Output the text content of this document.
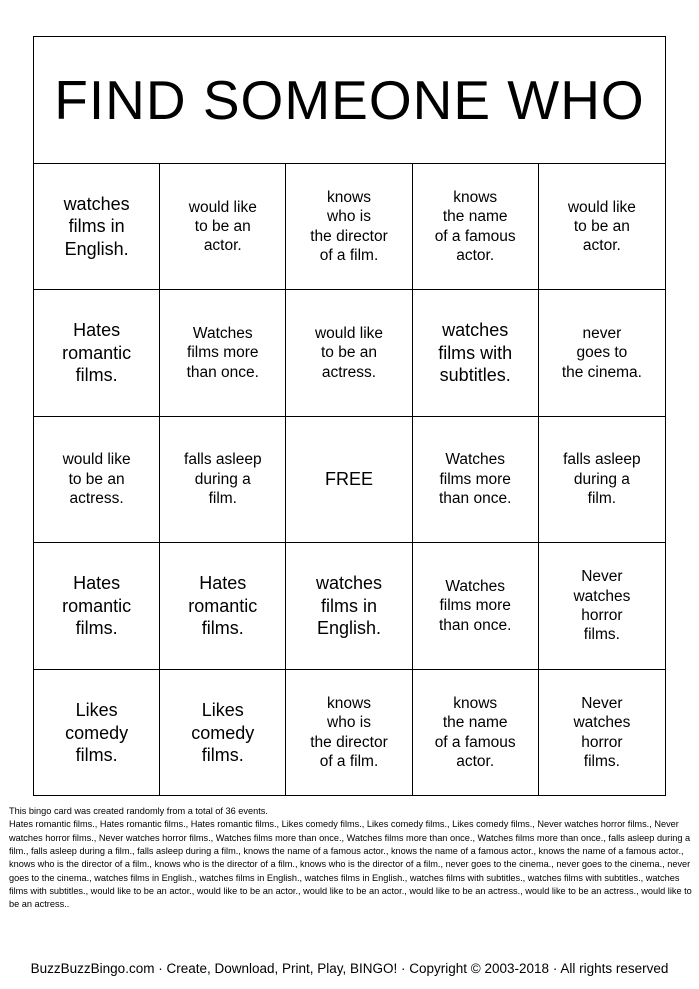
FIND SOMEONE WHO
watches
films in
English.
would like
to be an
actor.
knows
who is
the director
of a film.
knows
the name
of a famous
actor.
would like
to be an
actor.
Hates
romantic
films.
Watches
films more
than once.
would like
to be an
actress.
watches
films with
subtitles.
never
goes to
the cinema.
would like
to be an
actress.
falls asleep
during a
film.
FREE
Watches
films more
than once.
falls asleep
during a
film.
Hates
romantic
films.
Hates
romantic
films.
watches
films in
English.
Watches
films more
than once.
Never
watches
horror
films.
Likes
comedy
films.
Likes
comedy
films.
knows
who is
the director
of a film.
knows
the name
of a famous
actor.
Never
watches
horror
films.
This bingo card was created randomly from a total of 36 events.
Hates romantic films., Hates romantic films., Hates romantic films., Likes comedy films., Likes comedy films., Likes comedy films., Never watches horror films., Never watches horror films., Never watches horror films., Watches films more than once., Watches films more than once., Watches films more than once., falls asleep during a film., falls asleep during a film., falls asleep during a film., knows the name of a famous actor., knows the name of a famous actor., knows the name of a famous actor., knows who is the director of a film., knows who is the director of a film., knows who is the director of a film., never goes to the cinema., never goes to the cinema., never goes to the cinema., watches films in English., watches films in English., watches films in English., watches films with subtitles., watches films with subtitles., watches films with subtitles., would like to be an actor., would like to be an actor., would like to be an actor., would like to be an actress., would like to be an actress., would like to be an actress..
BuzzBuzzBingo.com · Create, Download, Print, Play, BINGO! · Copyright © 2003-2018 · All rights reserved
